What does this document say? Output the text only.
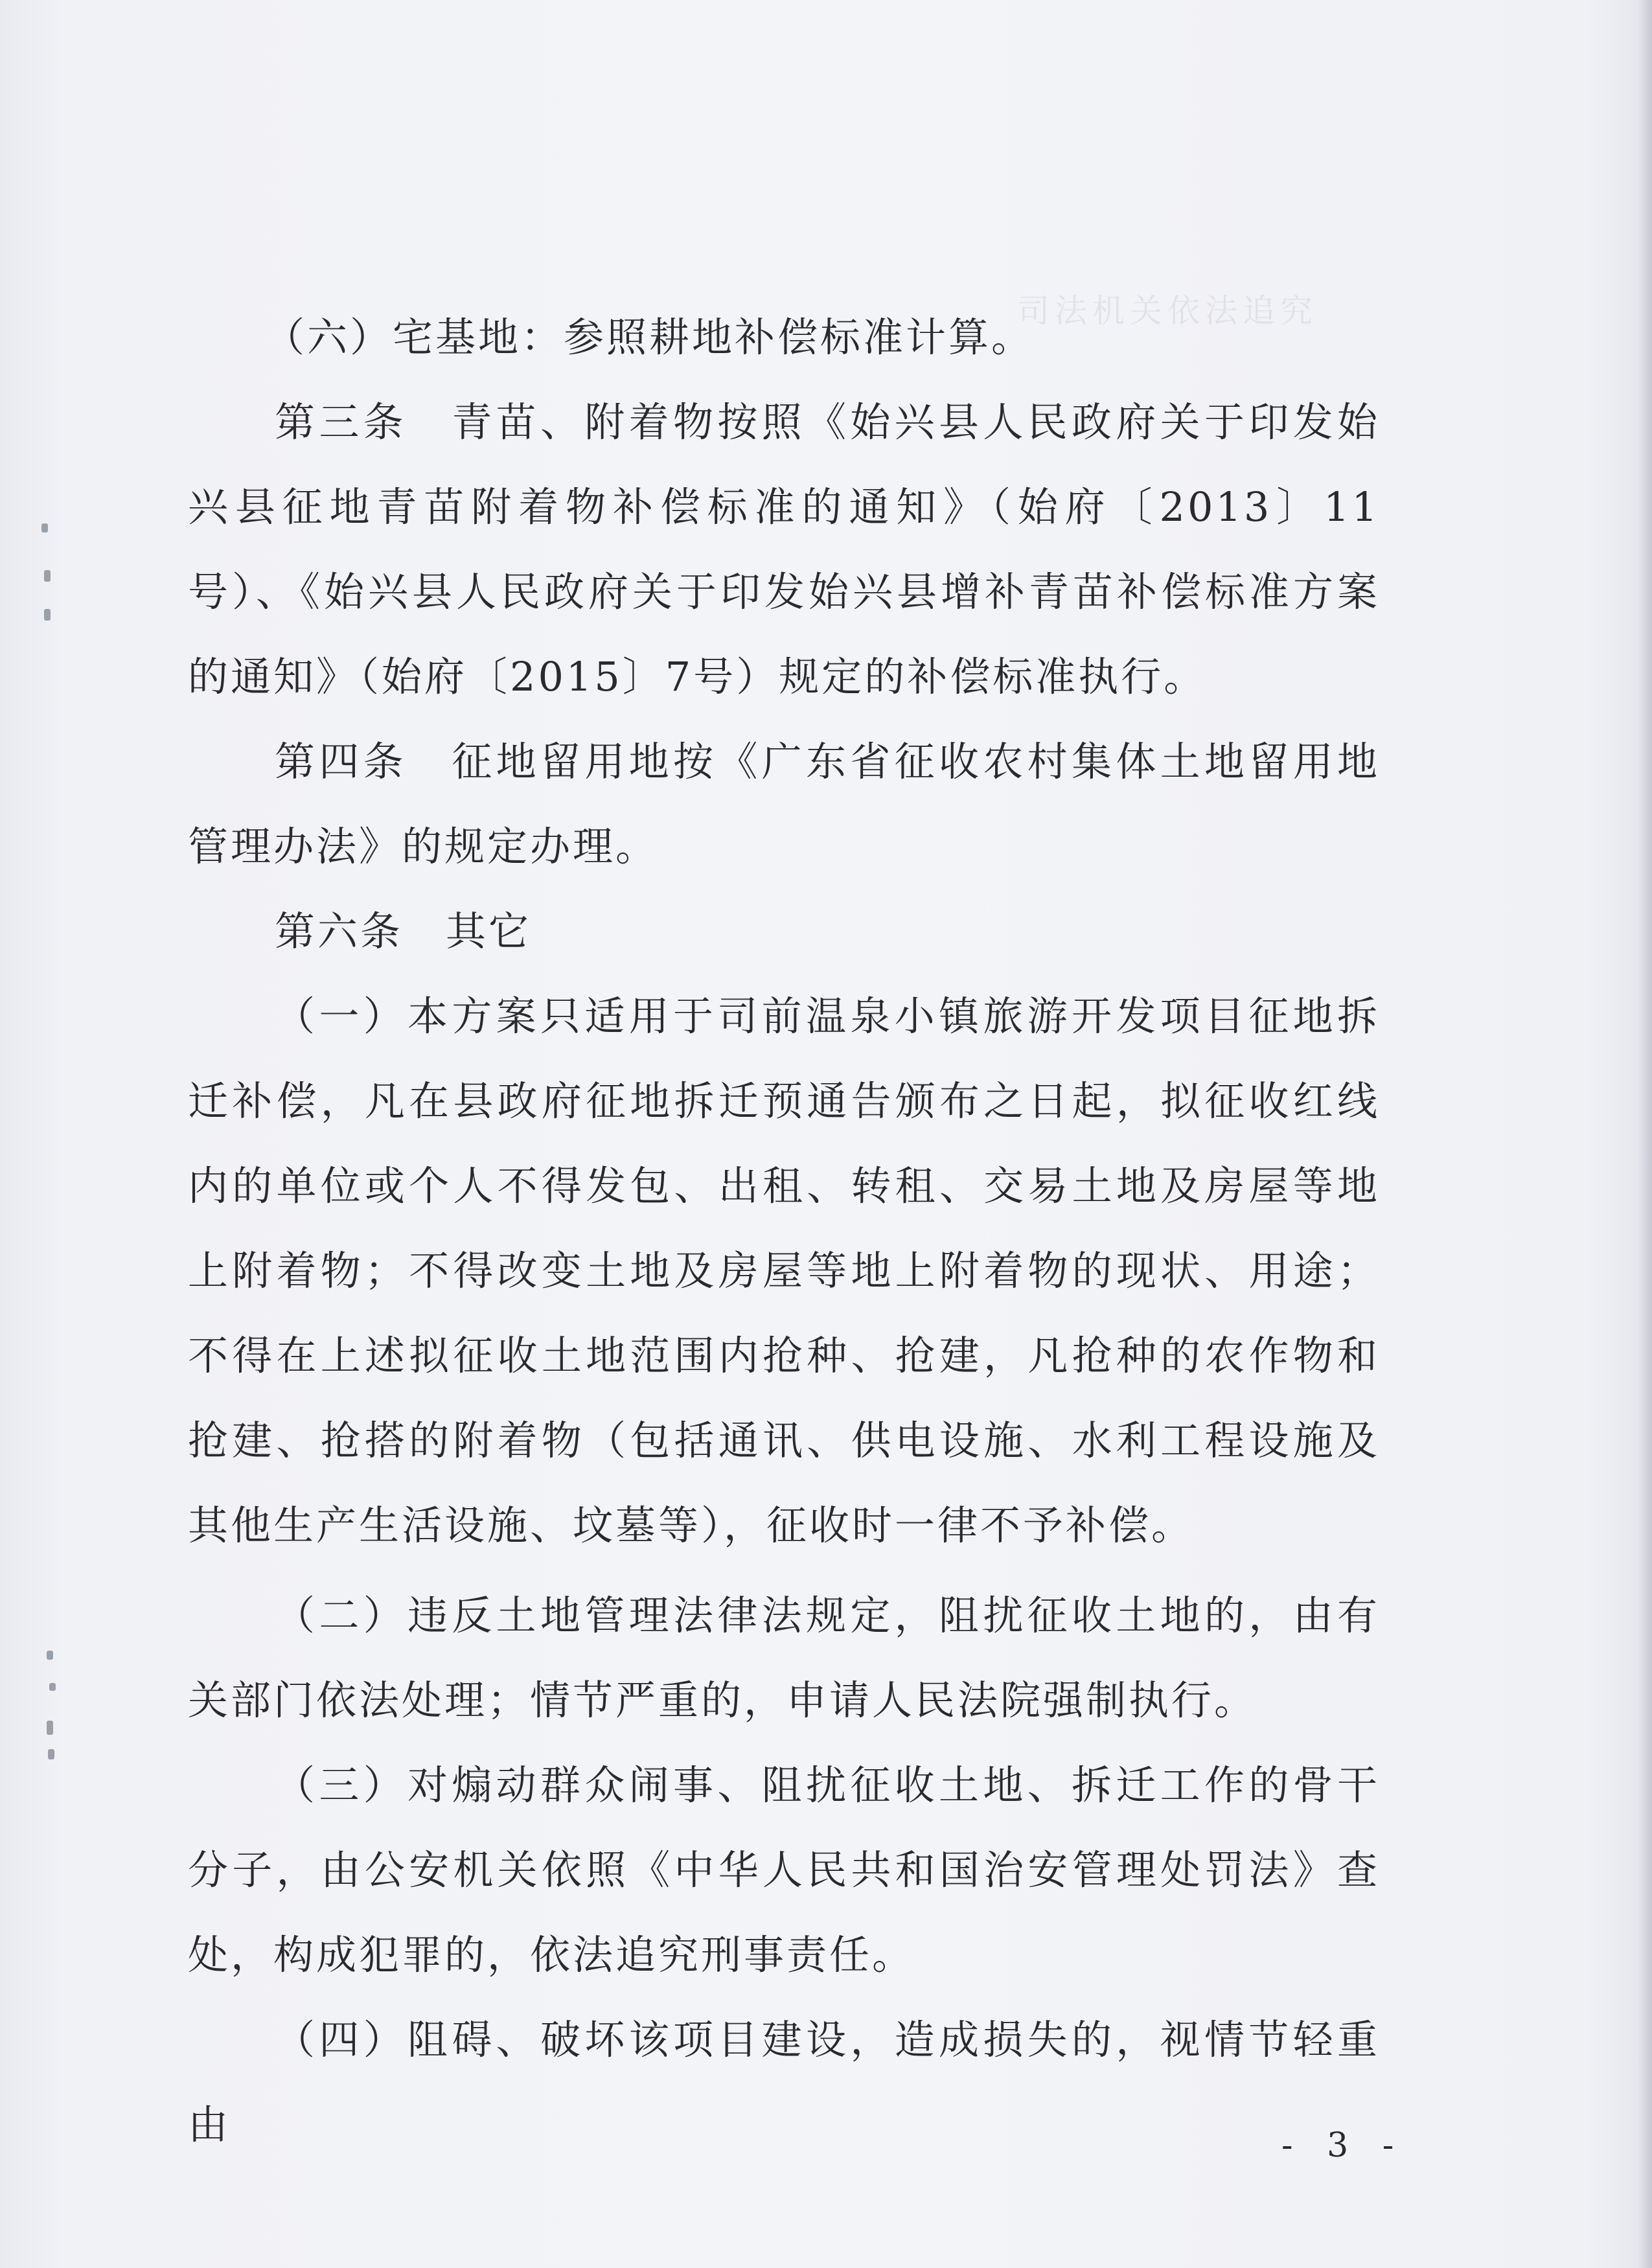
司法机关依法追究

（六）宅基地：参照耕地补偿标准计算。

第三条　青苗、附着物按照《始兴县人民政府关于印发始兴县征地青苗附着物补偿标准的通知》（始府〔2013〕11号）、《始兴县人民政府关于印发始兴县增补青苗补偿标准方案的通知》（始府〔2015〕7号）规定的补偿标准执行。

第四条　征地留用地按《广东省征收农村集体土地留用地管理办法》的规定办理。

第六条　其它

（一）本方案只适用于司前温泉小镇旅游开发项目征地拆迁补偿，凡在县政府征地拆迁预通告颁布之日起，拟征收红线内的单位或个人不得发包、出租、转租、交易土地及房屋等地上附着物；不得改变土地及房屋等地上附着物的现状、用途；不得在上述拟征收土地范围内抢种、抢建，凡抢种的农作物和抢建、抢搭的附着物（包括通讯、供电设施、水利工程设施及其他生产生活设施、坟墓等），征收时一律不予补偿。

（二）违反土地管理法律法规定，阻扰征收土地的，由有关部门依法处理；情节严重的，申请人民法院强制执行。

（三）对煽动群众闹事、阻扰征收土地、拆迁工作的骨干分子，由公安机关依照《中华人民共和国治安管理处罚法》查处，构成犯罪的，依法追究刑事责任。

（四）阻碍、破坏该项目建设，造成损失的，视情节轻重由	- 3 -
